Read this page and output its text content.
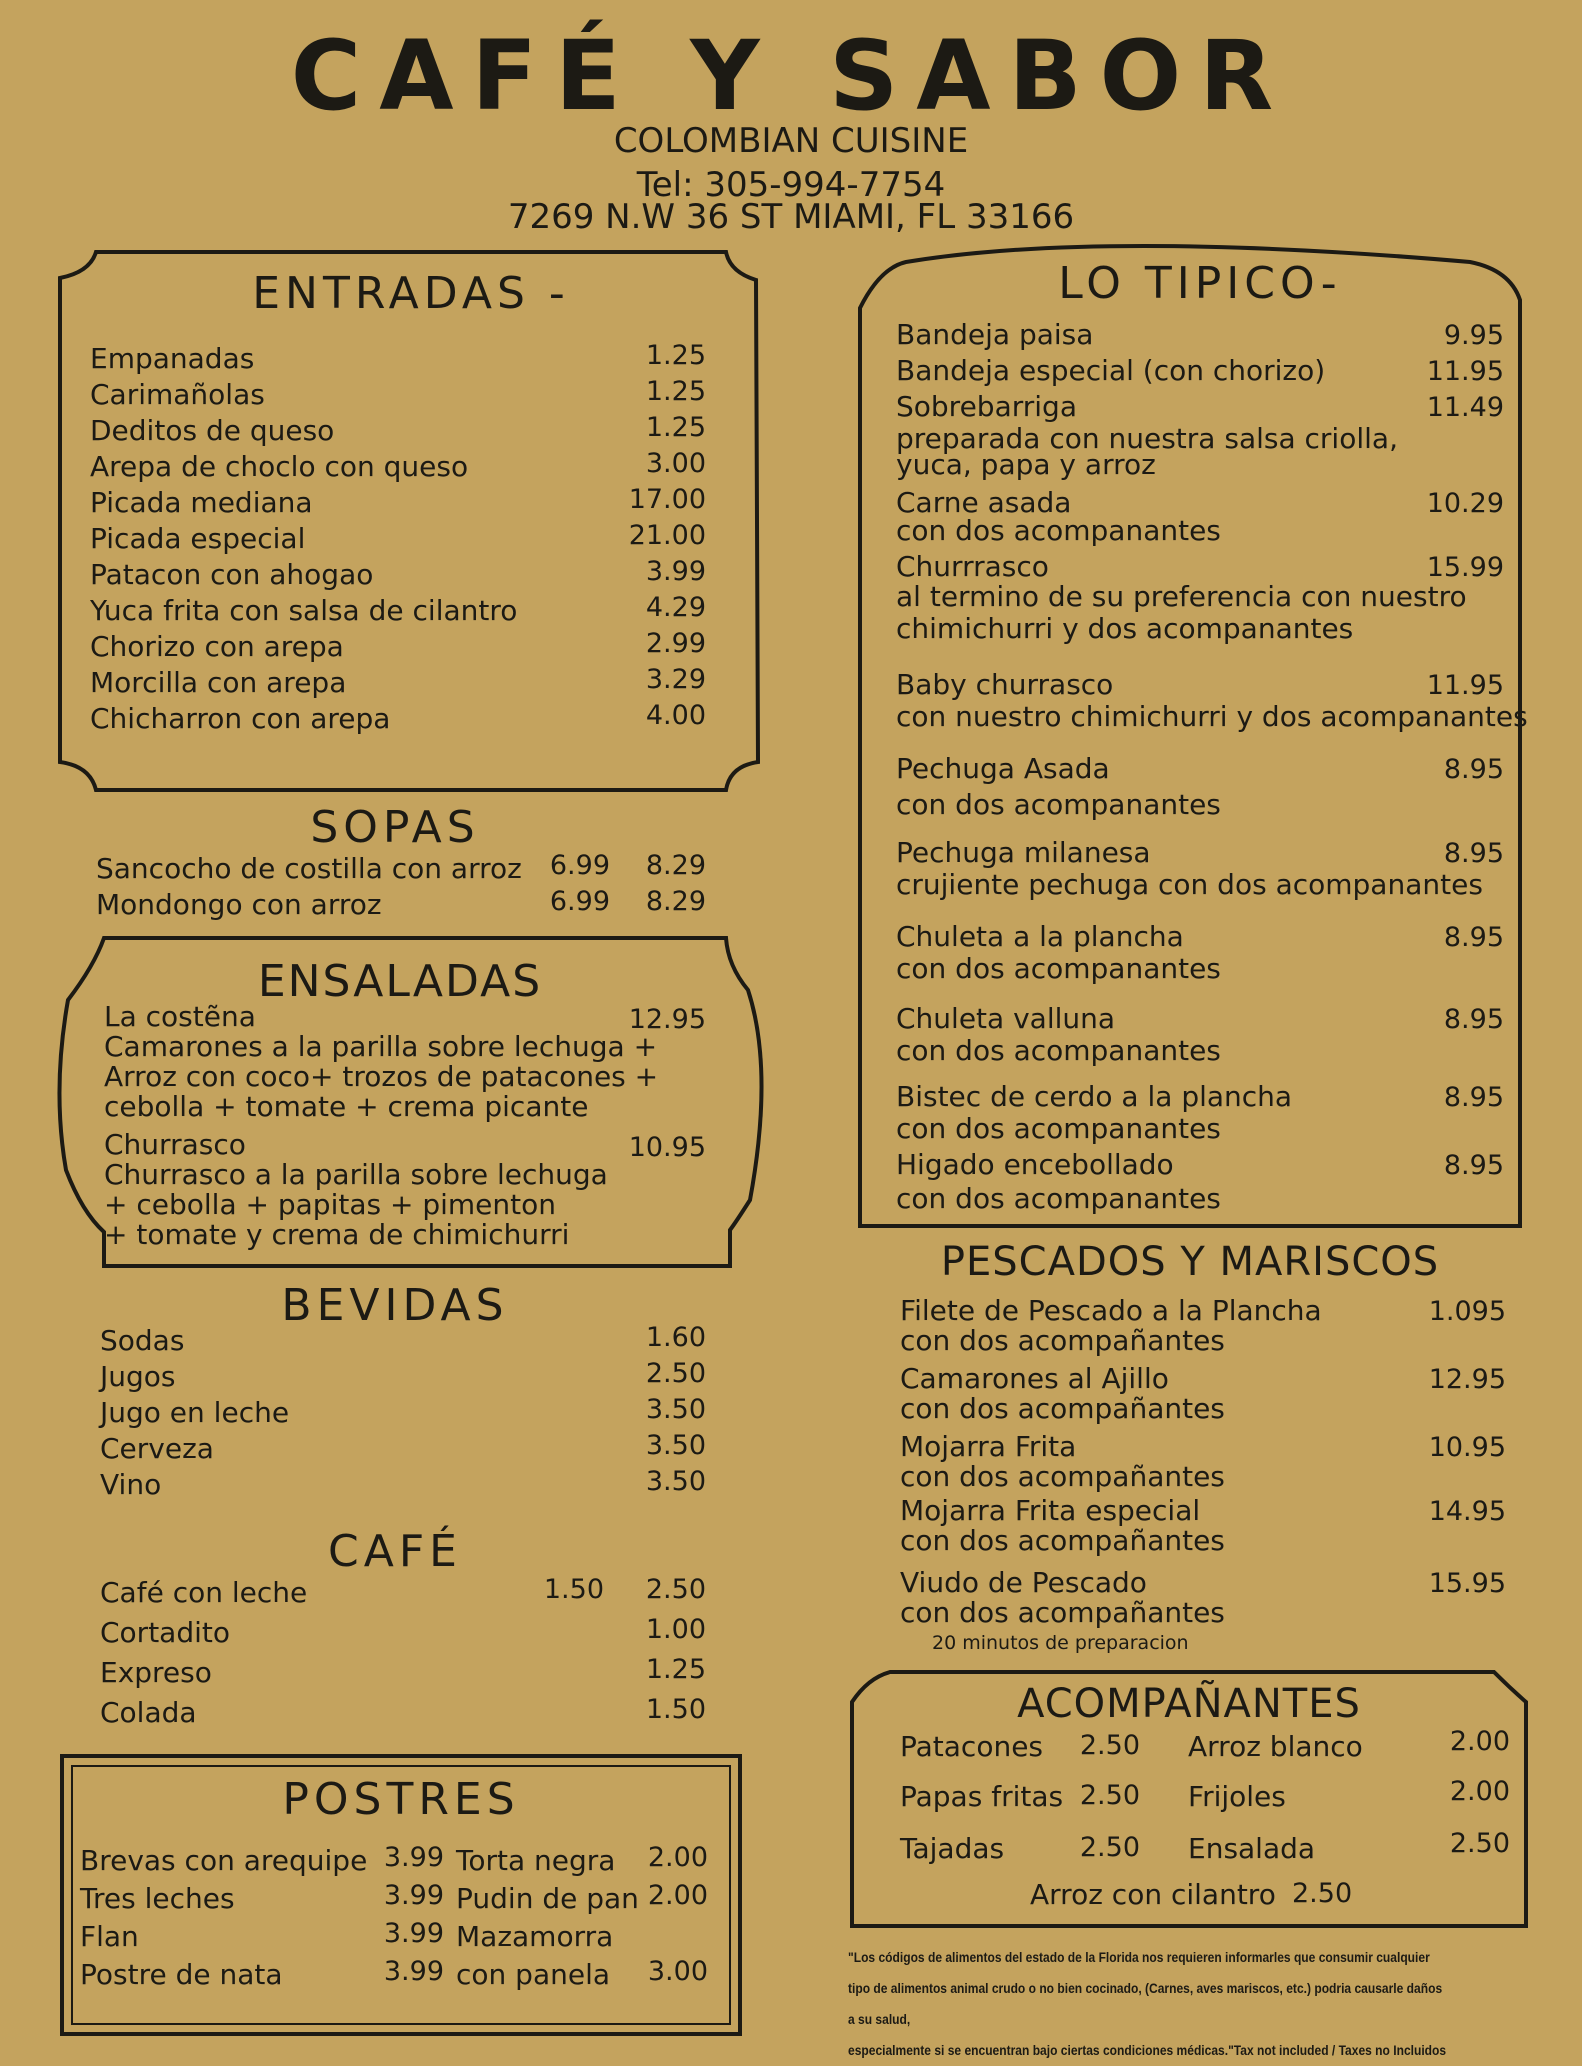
CAFÉ Y SABOR
COLOMBIAN CUISINE
Tel: 305-994-7754
7269 N.W 36 ST MIAMI, FL 33166
ENTRADAS -
Empanadas	1.25
Carimañolas	1.25
Deditos de queso	1.25
Arepa de choclo con queso	3.00
Picada mediana	17.00
Picada especial	21.00
Patacon con ahogao	3.99
Yuca frita con salsa de cilantro	4.29
Chorizo con arepa	2.99
Morcilla con arepa	3.29
Chicharron con arepa	4.00
SOPAS
Sancocho de costilla con arroz	6.99	8.29
Mondongo con arroz	6.99	8.29
ENSALADAS
La costẽna	12.95
Camarones a la parilla sobre lechuga +
Arroz con coco+ trozos de patacones +
cebolla + tomate + crema picante
Churrasco	10.95
Churrasco a la parilla sobre lechuga
+ cebolla + papitas + pimenton
+ tomate y crema de chimichurri
BEVIDAS
Sodas	1.60
Jugos	2.50
Jugo en leche	3.50
Cerveza	3.50
Vino	3.50
CAFÉ
Café con leche	1.50	2.50
Cortadito	1.00
Expreso	1.25
Colada	1.50
POSTRES
Brevas con arequipe 3.99
Tres leches	3.99
Flan	3.99
Postre de nata	3.99
Torta negra	2.00
Pudin de pan 2.00
Mazamorra
con panela	3.00
LO TIPICO-
Bandeja paisa	9.95
Bandeja especial (con chorizo)	11.95
Sobrebarriga	11.49
preparada con nuestra salsa criolla,
yuca, papa y arroz
Carne asada	10.29
con dos acompanantes
Churrrasco	15.99
al termino de su preferencia con nuestro
chimichurri y dos acompanantes
Baby churrasco	11.95
con nuestro chimichurri y dos acompanantes
Pechuga Asada	8.95
con dos acompanantes
Pechuga milanesa	8.95
crujiente pechuga con dos acompanantes
Chuleta a la plancha	8.95
con dos acompanantes
Chuleta valluna	8.95
con dos acompanantes
Bistec de cerdo a la plancha	8.95
con dos acompanantes
Higado encebollado	8.95
con dos acompanantes
PESCADOS Y MARISCOS
Filete de Pescado a la Plancha	1.095
con dos acompañantes
Camarones al Ajillo	12.95
con dos acompañantes
Mojarra Frita	10.95
con dos acompañantes
Mojarra Frita especial	14.95
con dos acompañantes
Viudo de Pescado	15.95
con dos acompañantes
20 minutos de preparacion
ACOMPAÑANTES
Patacones	2.50
Papas fritas 2.50
Tajadas	2.50
Arroz blanco	2.00
Frijoles	2.00
Ensalada	2.50
Arroz con cilantro 2.50
"Los códigos de alimentos del estado de la Florida nos requieren informarles que consumir cualquier
tipo de alimentos animal crudo o no bien cocinado, (Carnes, aves mariscos, etc.) podria causarle daños a su salud,
especialmente si se encuentran bajo ciertas condiciones médicas."Tax not included / Taxes no Incluidos
